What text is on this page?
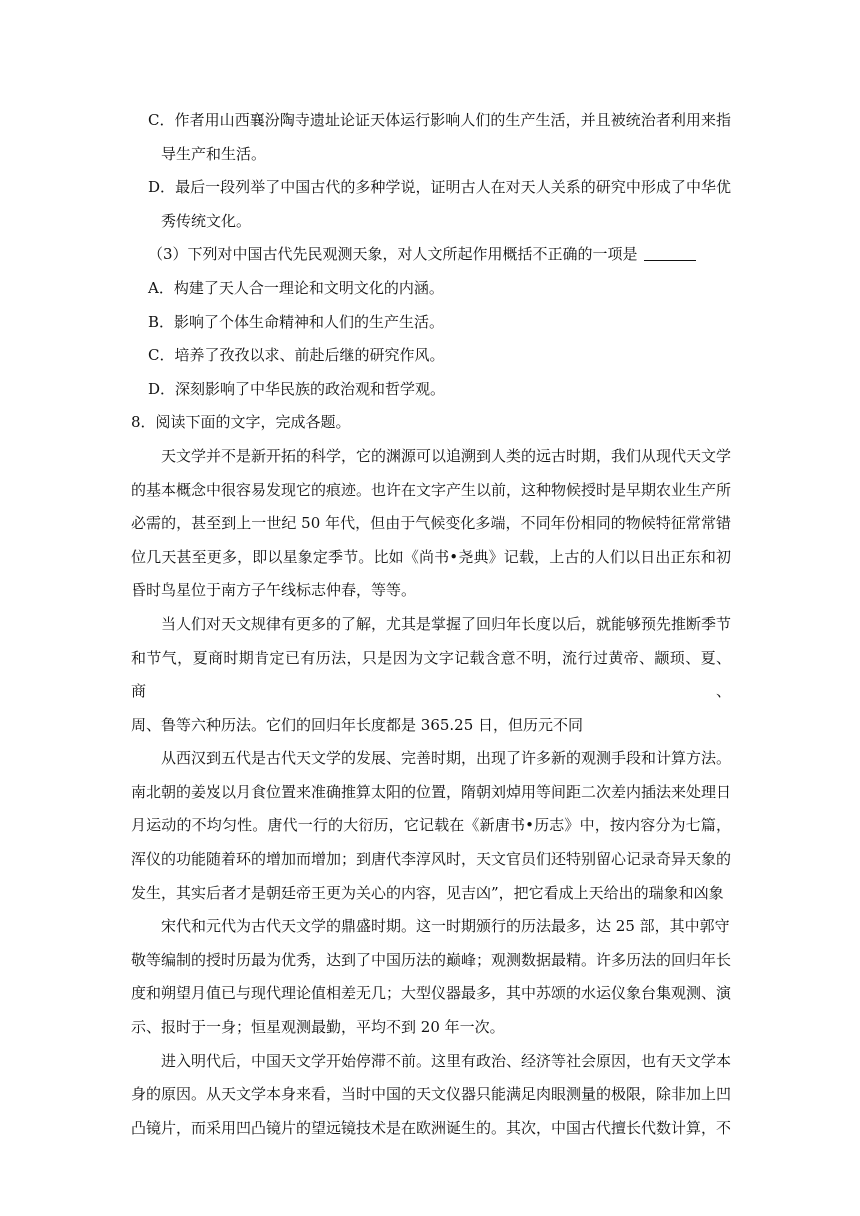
C．作者用山西襄汾陶寺遗址论证天体运行影响人们的生产生活，并且被统治者利用来指
导生产和生活。
D．最后一段列举了中国古代的多种学说，证明古人在对天人关系的研究中形成了中华优
秀传统文化。
（3）下列对中国古代先民观测天象，对人文所起作用概括不正确的一项是
A．构建了天人合一理论和文明文化的内涵。
B．影响了个体生命精神和人们的生产生活。
C．培养了孜孜以求、前赴后继的研究作风。
D．深刻影响了中华民族的政治观和哲学观。
8．阅读下面的文字，完成各题。
天文学并不是新开拓的科学，它的渊源可以追溯到人类的远古时期，我们从现代天文学
的基本概念中很容易发现它的痕迹。也许在文字产生以前，这种物候授时是早期农业生产所
必需的，甚至到上一世纪 50 年代，但由于气候变化多端，不同年份相同的物候特征常常错
位几天甚至更多，即以星象定季节。比如《尚书•尧典》记载，上古的人们以日出正东和初
昏时鸟星位于南方子午线标志仲春，等等。
当人们对天文规律有更多的了解，尤其是掌握了回归年长度以后，就能够预先推断季节
和节气，夏商时期肯定已有历法，只是因为文字记载含意不明，流行过黄帝、颛顼、夏、商、
周、鲁等六种历法。它们的回归年长度都是 365.25 日，但历元不同
从西汉到五代是古代天文学的发展、完善时期，出现了许多新的观测手段和计算方法。
南北朝的姜岌以月食位置来准确推算太阳的位置，隋朝刘焯用等间距二次差内插法来处理日
月运动的不均匀性。唐代一行的大衍历，它记载在《新唐书•历志》中，按内容分为七篇，
浑仪的功能随着环的增加而增加；到唐代李淳风时，天文官员们还特别留心记录奇异天象的
发生，其实后者才是朝廷帝王更为关心的内容，见吉凶”，把它看成上天给出的瑞象和凶象
宋代和元代为古代天文学的鼎盛时期。这一时期颁行的历法最多，达 25 部，其中郭守
敬等编制的授时历最为优秀，达到了中国历法的巅峰；观测数据最精。许多历法的回归年长
度和朔望月值已与现代理论值相差无几；大型仪器最多，其中苏颂的水运仪象台集观测、演
示、报时于一身；恒星观测最勤，平均不到 20 年一次。
进入明代后，中国天文学开始停滞不前。这里有政治、经济等社会原因，也有天文学本
身的原因。从天文学本身来看，当时中国的天文仪器只能满足肉眼测量的极限，除非加上凹
凸镜片，而采用凹凸镜片的望远镜技术是在欧洲诞生的。其次，中国古代擅长代数计算，不
